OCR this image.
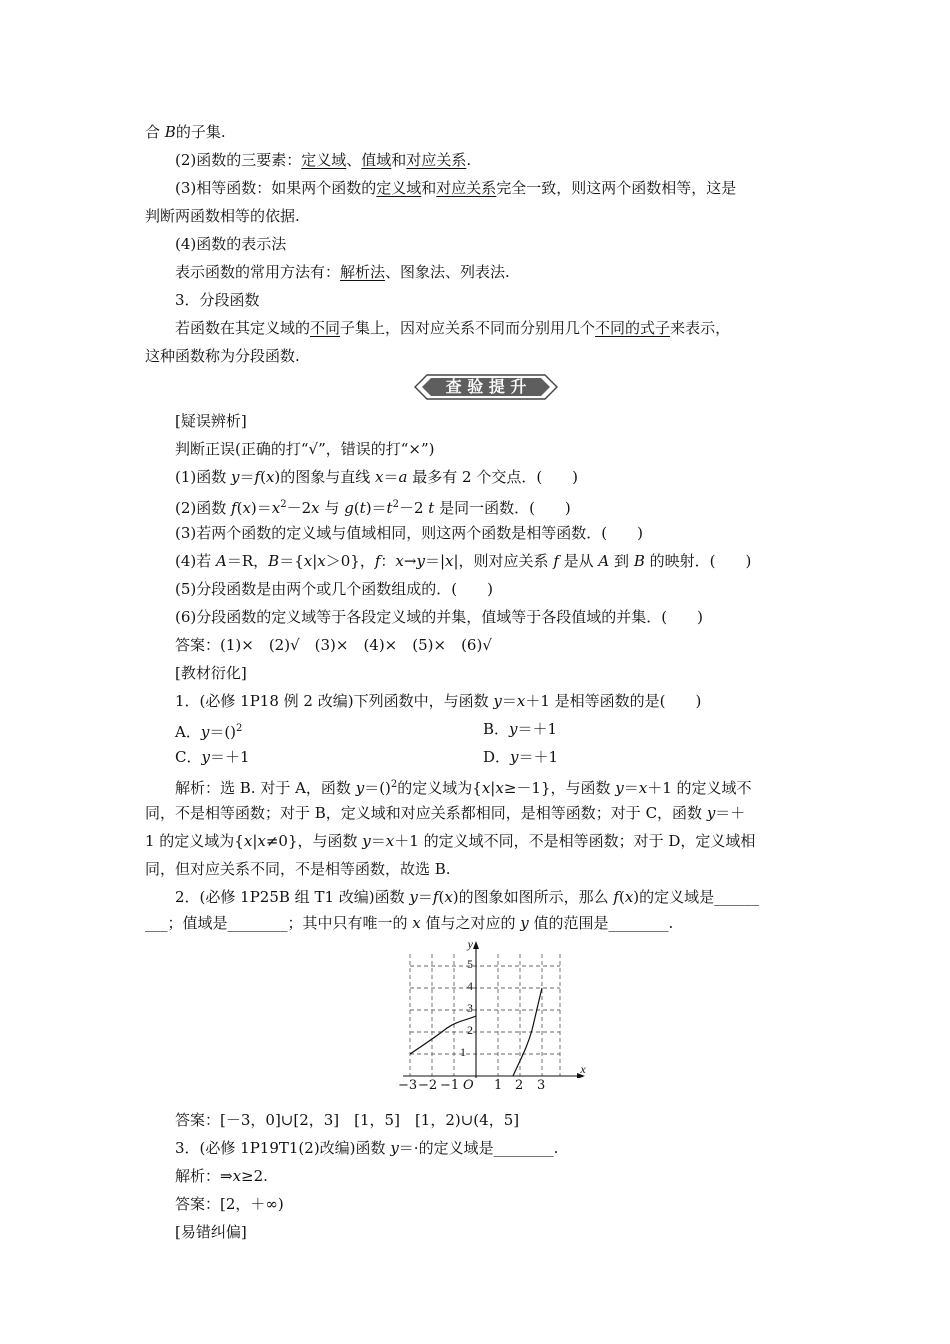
合 B的子集.
(2)函数的三要素：定义域、值域和对应关系.
(3)相等函数：如果两个函数的定义域和对应关系完全一致，则这两个函数相等，这是
判断两函数相等的依据.
(4)函数的表示法
表示函数的常用方法有：解析法、图象法、列表法.
3．分段函数
若函数在其定义域的不同子集上，因对应关系不同而分别用几个不同的式子来表示，
这种函数称为分段函数.
查 验 提 升
[疑误辨析]
判断正误(正确的打“√”，错误的打“×”)
(1)函数 y＝f(x)的图象与直线 x＝a 最多有 2 个交点．(　　)
(2)函数 $f(x)=x^2-2x$ 与 $g(t)=t^2-2$ t 是同一函数．(　　)
(3)若两个函数的定义域与值域相同，则这两个函数是相等函数．(　　)
(4)若 A＝R，B＝{x|x＞0}，f：x→y＝|x|，则对应关系 f 是从 A 到 B 的映射．(　　)
(5)分段函数是由两个或几个函数组成的．(　　)
(6)分段函数的定义域等于各段定义域的并集，值域等于各段值域的并集．(　　)
答案：(1)×　(2)√　(3)×　(4)×　(5)×　(6)√
[教材衍化]
1．(必修 1P18 例 2 改编)下列函数中，与函数 y＝x＋1 是相等函数的是(　　)
A．y＝()$^2$	B．y＝＋1
C．y＝＋1	D．y＝＋1
解析：选 B. 对于 A，函数 y＝()$^2$的定义域为{x|x≥－1}，与函数 y＝x＋1 的定义域不
同，不是相等函数；对于 B，定义域和对应关系都相同，是相等函数；对于 C，函数 y＝＋
1 的定义域为{x|x≠0}，与函数 y＝x＋1 的定义域不同，不是相等函数；对于 D，定义域相
同，但对应关系不同，不是相等函数，故选 B.
2．(必修 1P25B 组 T1 改编)函数 y＝f(x)的图象如图所示，那么 f(x)的定义域是______
___；值域是________；其中只有唯一的 x 值与之对应的 y 值的范围是________.
1
2
3
4
5
y
x
−3 −2 −1 O 1 2 3
答案：[－3，0]∪[2，3]　[1，5]　[1，2)∪(4，5]
3．(必修 1P19T1(2)改编)函数 y＝·的定义域是________.
解析：⇒x≥2.
答案：[2，＋∞)
[易错纠偏]
